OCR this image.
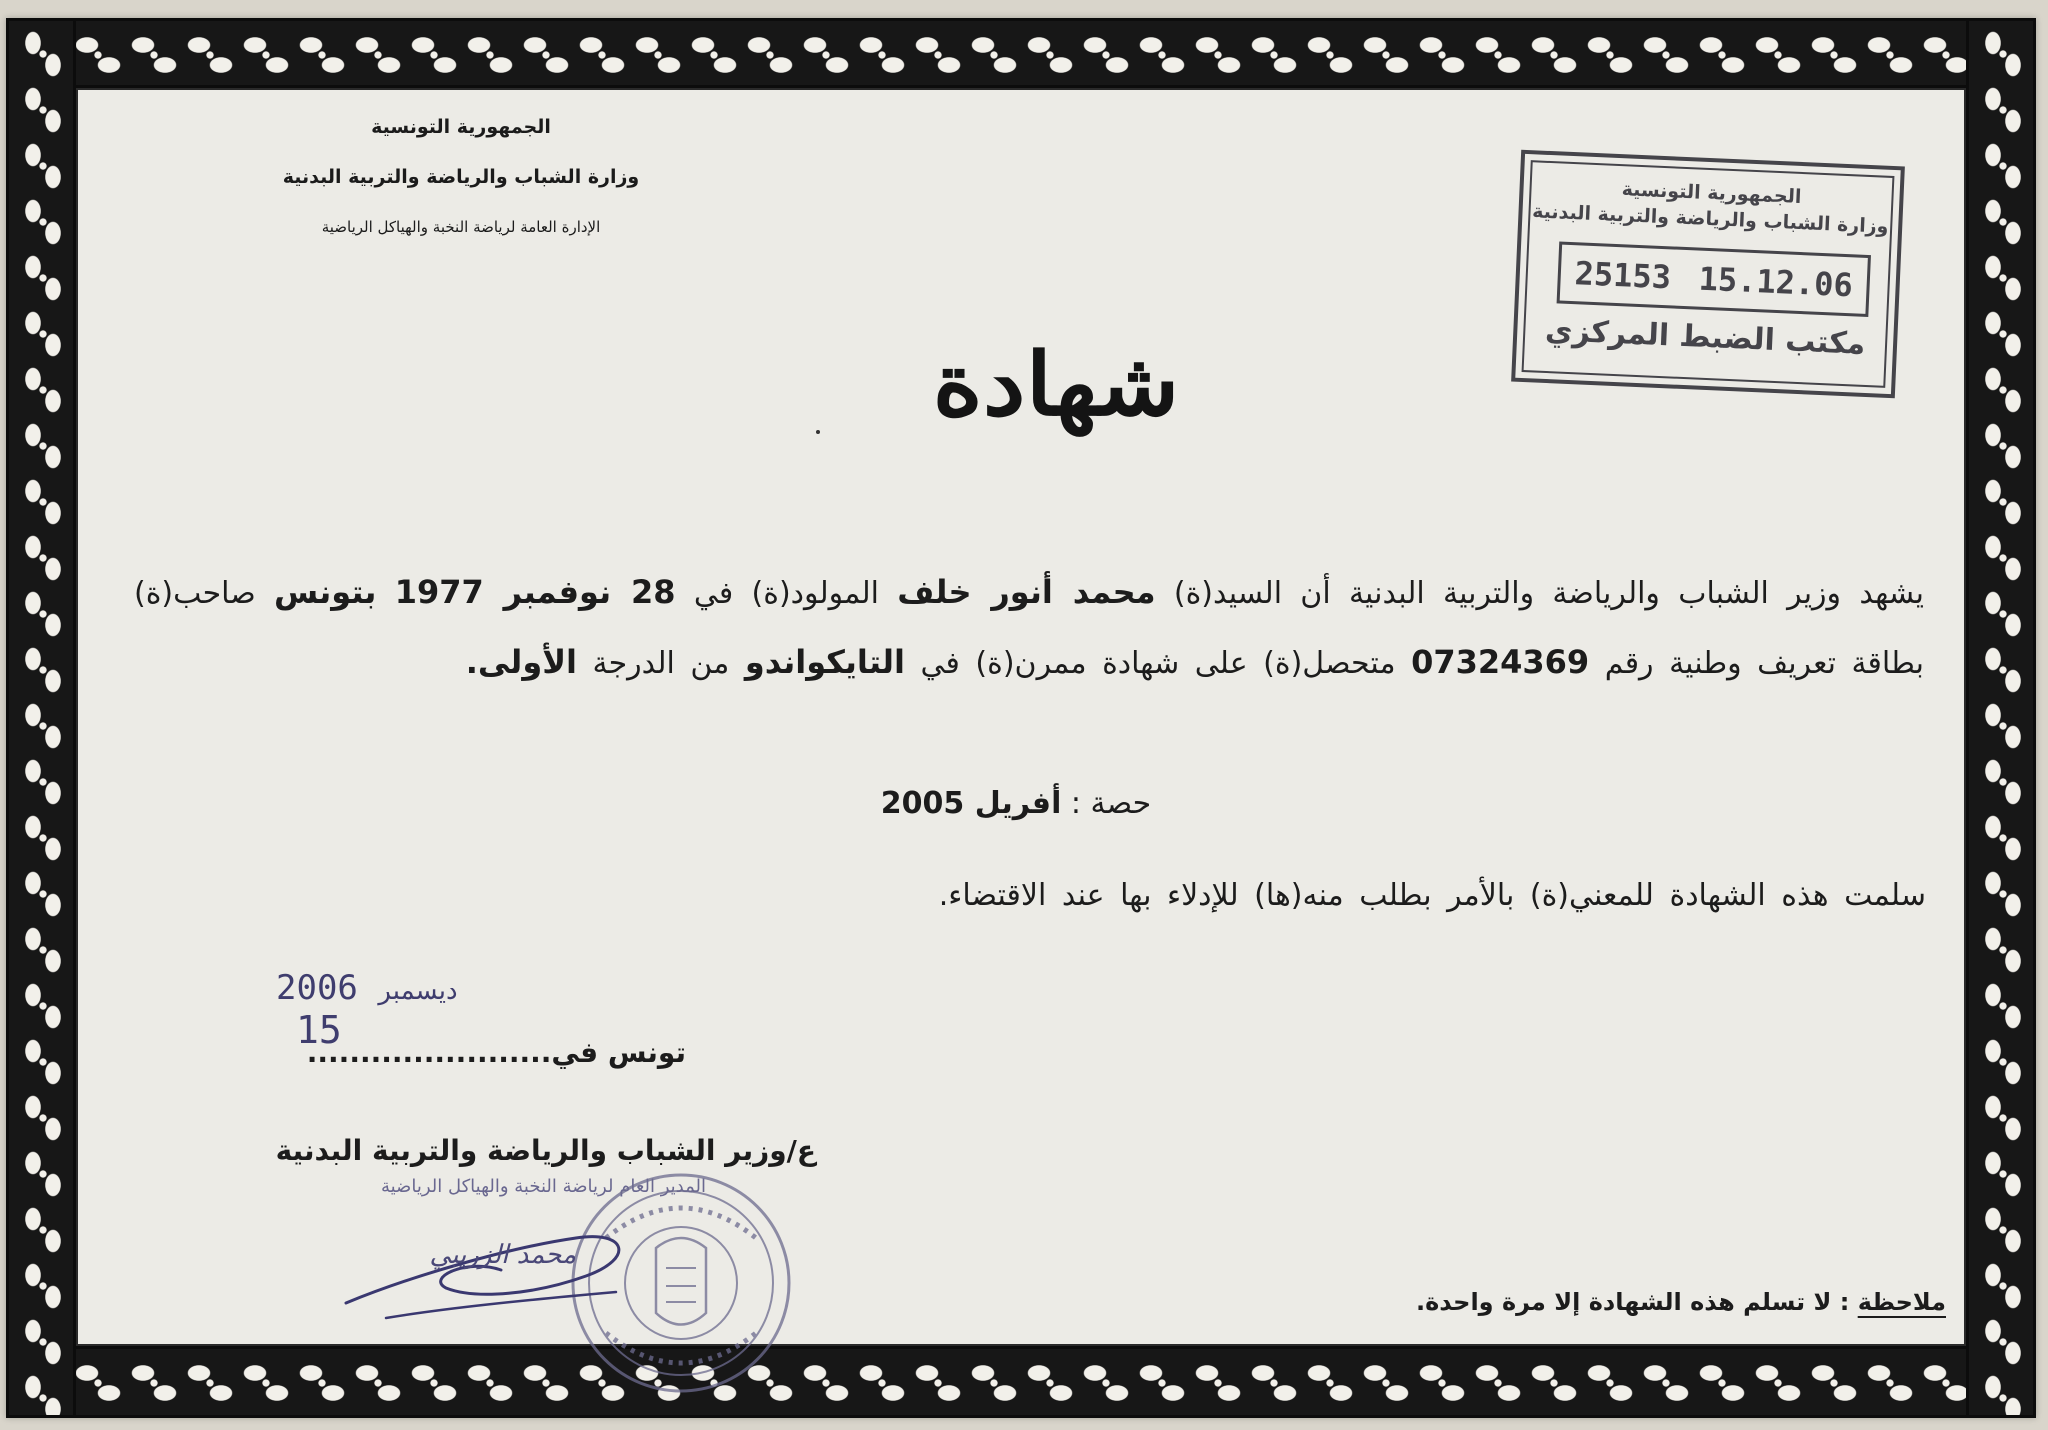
الجمهورية التونسية
وزارة الشباب والرياضة والتربية البدنية
الإدارة العامة لرياضة النخبة والهياكل الرياضية
الجمهورية التونسية
وزارة الشباب والرياضة والتربية البدنية
25153 15.12.06
مكتب الضبط المركزي
شهادة
يشهد وزير الشباب والرياضة والتربية البدنية أن السيد(ة) محمد أنور خلف المولود(ة) في 28 نوفمبر 1977 بتونس صاحب(ة) بطاقة تعريف وطنية رقم 07324369 متحصل(ة) على شهادة ممرن(ة) في التايكواندو من الدرجة الأولى.
حصة : أفريل 2005
سلمت هذه الشهادة للمعني(ة) بالأمر بطلب منه(ها) للإدلاء بها عند الاقتضاء.
2006 ديسمبر 15
تونس في.......................
ع/وزير الشباب والرياضة والتربية البدنية
المدير العام لرياضة النخبة والهياكل الرياضية
محمد الزريبي
ملاحظة : لا تسلم هذه الشهادة إلا مرة واحدة.
